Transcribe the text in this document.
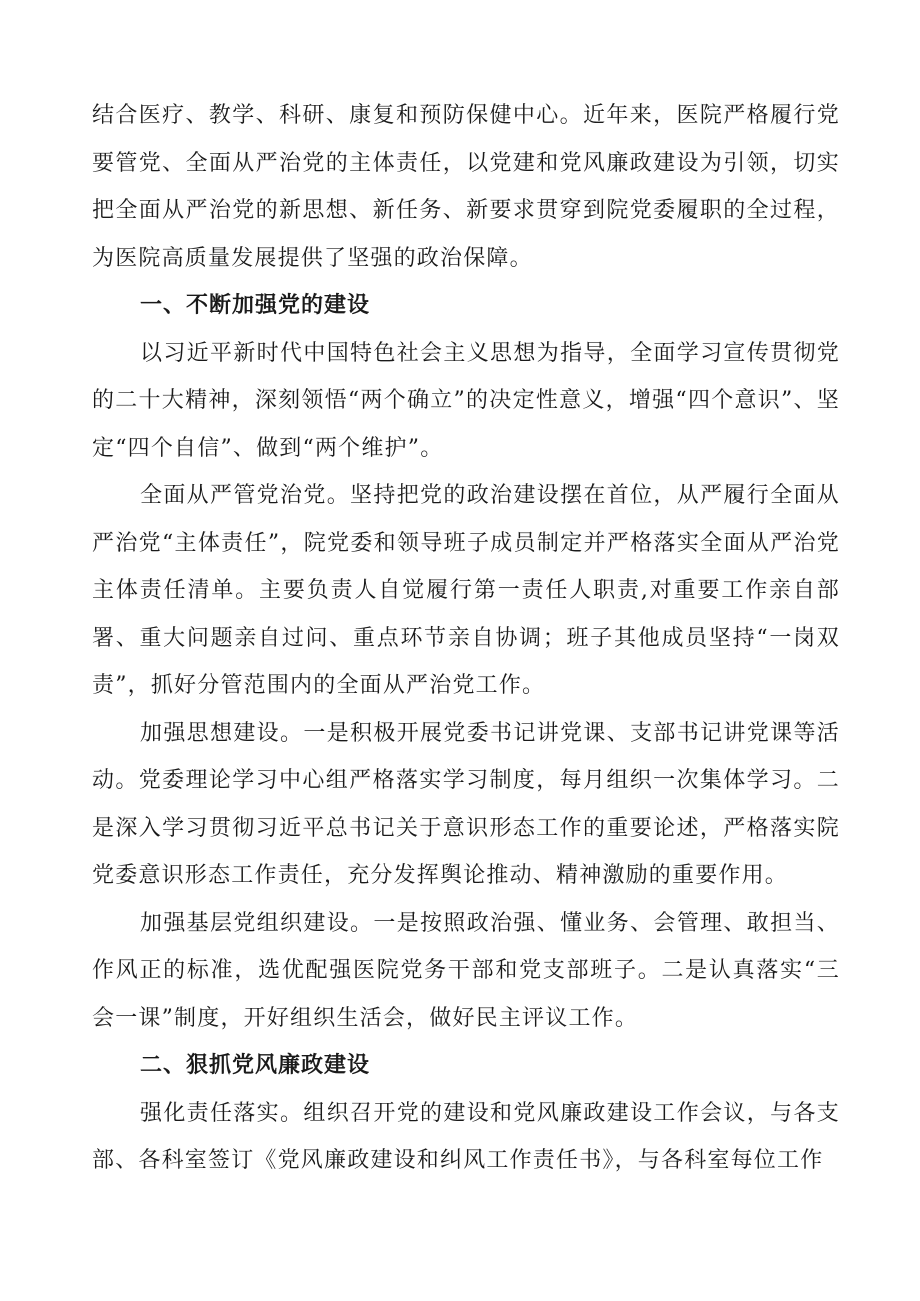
结合医疗、教学、科研、康复和预防保健中心。近年来，医院严格履行党要管党、全面从严治党的主体责任，以党建和党风廉政建设为引领，切实把全面从严治党的新思想、新任务、新要求贯穿到院党委履职的全过程，为医院高质量发展提供了坚强的政治保障。

一、不断加强党的建设

以习近平新时代中国特色社会主义思想为指导，全面学习宣传贯彻党的二十大精神，深刻领悟“两个确立”的决定性意义，增强“四个意识”、坚定“四个自信”、做到“两个维护”。

全面从严管党治党。坚持把党的政治建设摆在首位，从严履行全面从严治党“主体责任”，院党委和领导班子成员制定并严格落实全面从严治党主体责任清单。主要负责人自觉履行第一责任人职责,对重要工作亲自部署、重大问题亲自过问、重点环节亲自协调；班子其他成员坚持“一岗双责”，抓好分管范围内的全面从严治党工作。

加强思想建设。一是积极开展党委书记讲党课、支部书记讲党课等活动。党委理论学习中心组严格落实学习制度，每月组织一次集体学习。二是深入学习贯彻习近平总书记关于意识形态工作的重要论述，严格落实院党委意识形态工作责任，充分发挥舆论推动、精神激励的重要作用。

加强基层党组织建设。一是按照政治强、懂业务、会管理、敢担当、作风正的标准，选优配强医院党务干部和党支部班子。二是认真落实“三会一课”制度，开好组织生活会，做好民主评议工作。

二、狠抓党风廉政建设

强化责任落实。组织召开党的建设和党风廉政建设工作会议，与各支部、各科室签订《党风廉政建设和纠风工作责任书》，与各科室每位工作
